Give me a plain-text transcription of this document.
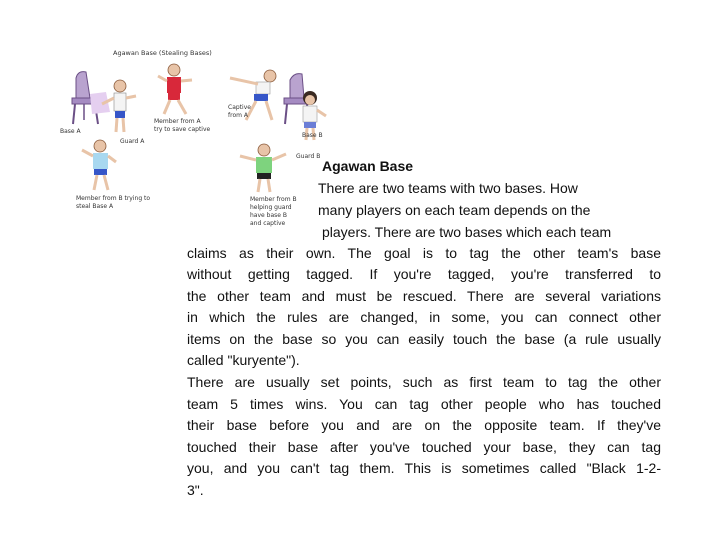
Agawan Base (Stealing Bases)
Base A
Guard A
Member from A
try to save captive
Captive
from A
Base B
Guard B
Member from B trying to
steal Base A
Member from B
helping guard
have base B
and captive
Agawan Base
There are two teams with two bases. How
many players on each team depends on the
players. There are two bases which each team
claims as their own. The goal is to tag the other team's base
without getting tagged. If you're tagged, you're transferred to
the other team and must be rescued. There are several variations
in which the rules are changed, in some, you can connect other
items on the base so you can easily touch the base (a rule usually
called "kuryente").
There are usually set points, such as first team to tag the other
team 5 times wins. You can tag other people who has touched
their base before you and are on the opposite team. If they've
touched their base after you've touched your base, they can tag
you, and you can't tag them. This is sometimes called "Black 1-2-
3".
